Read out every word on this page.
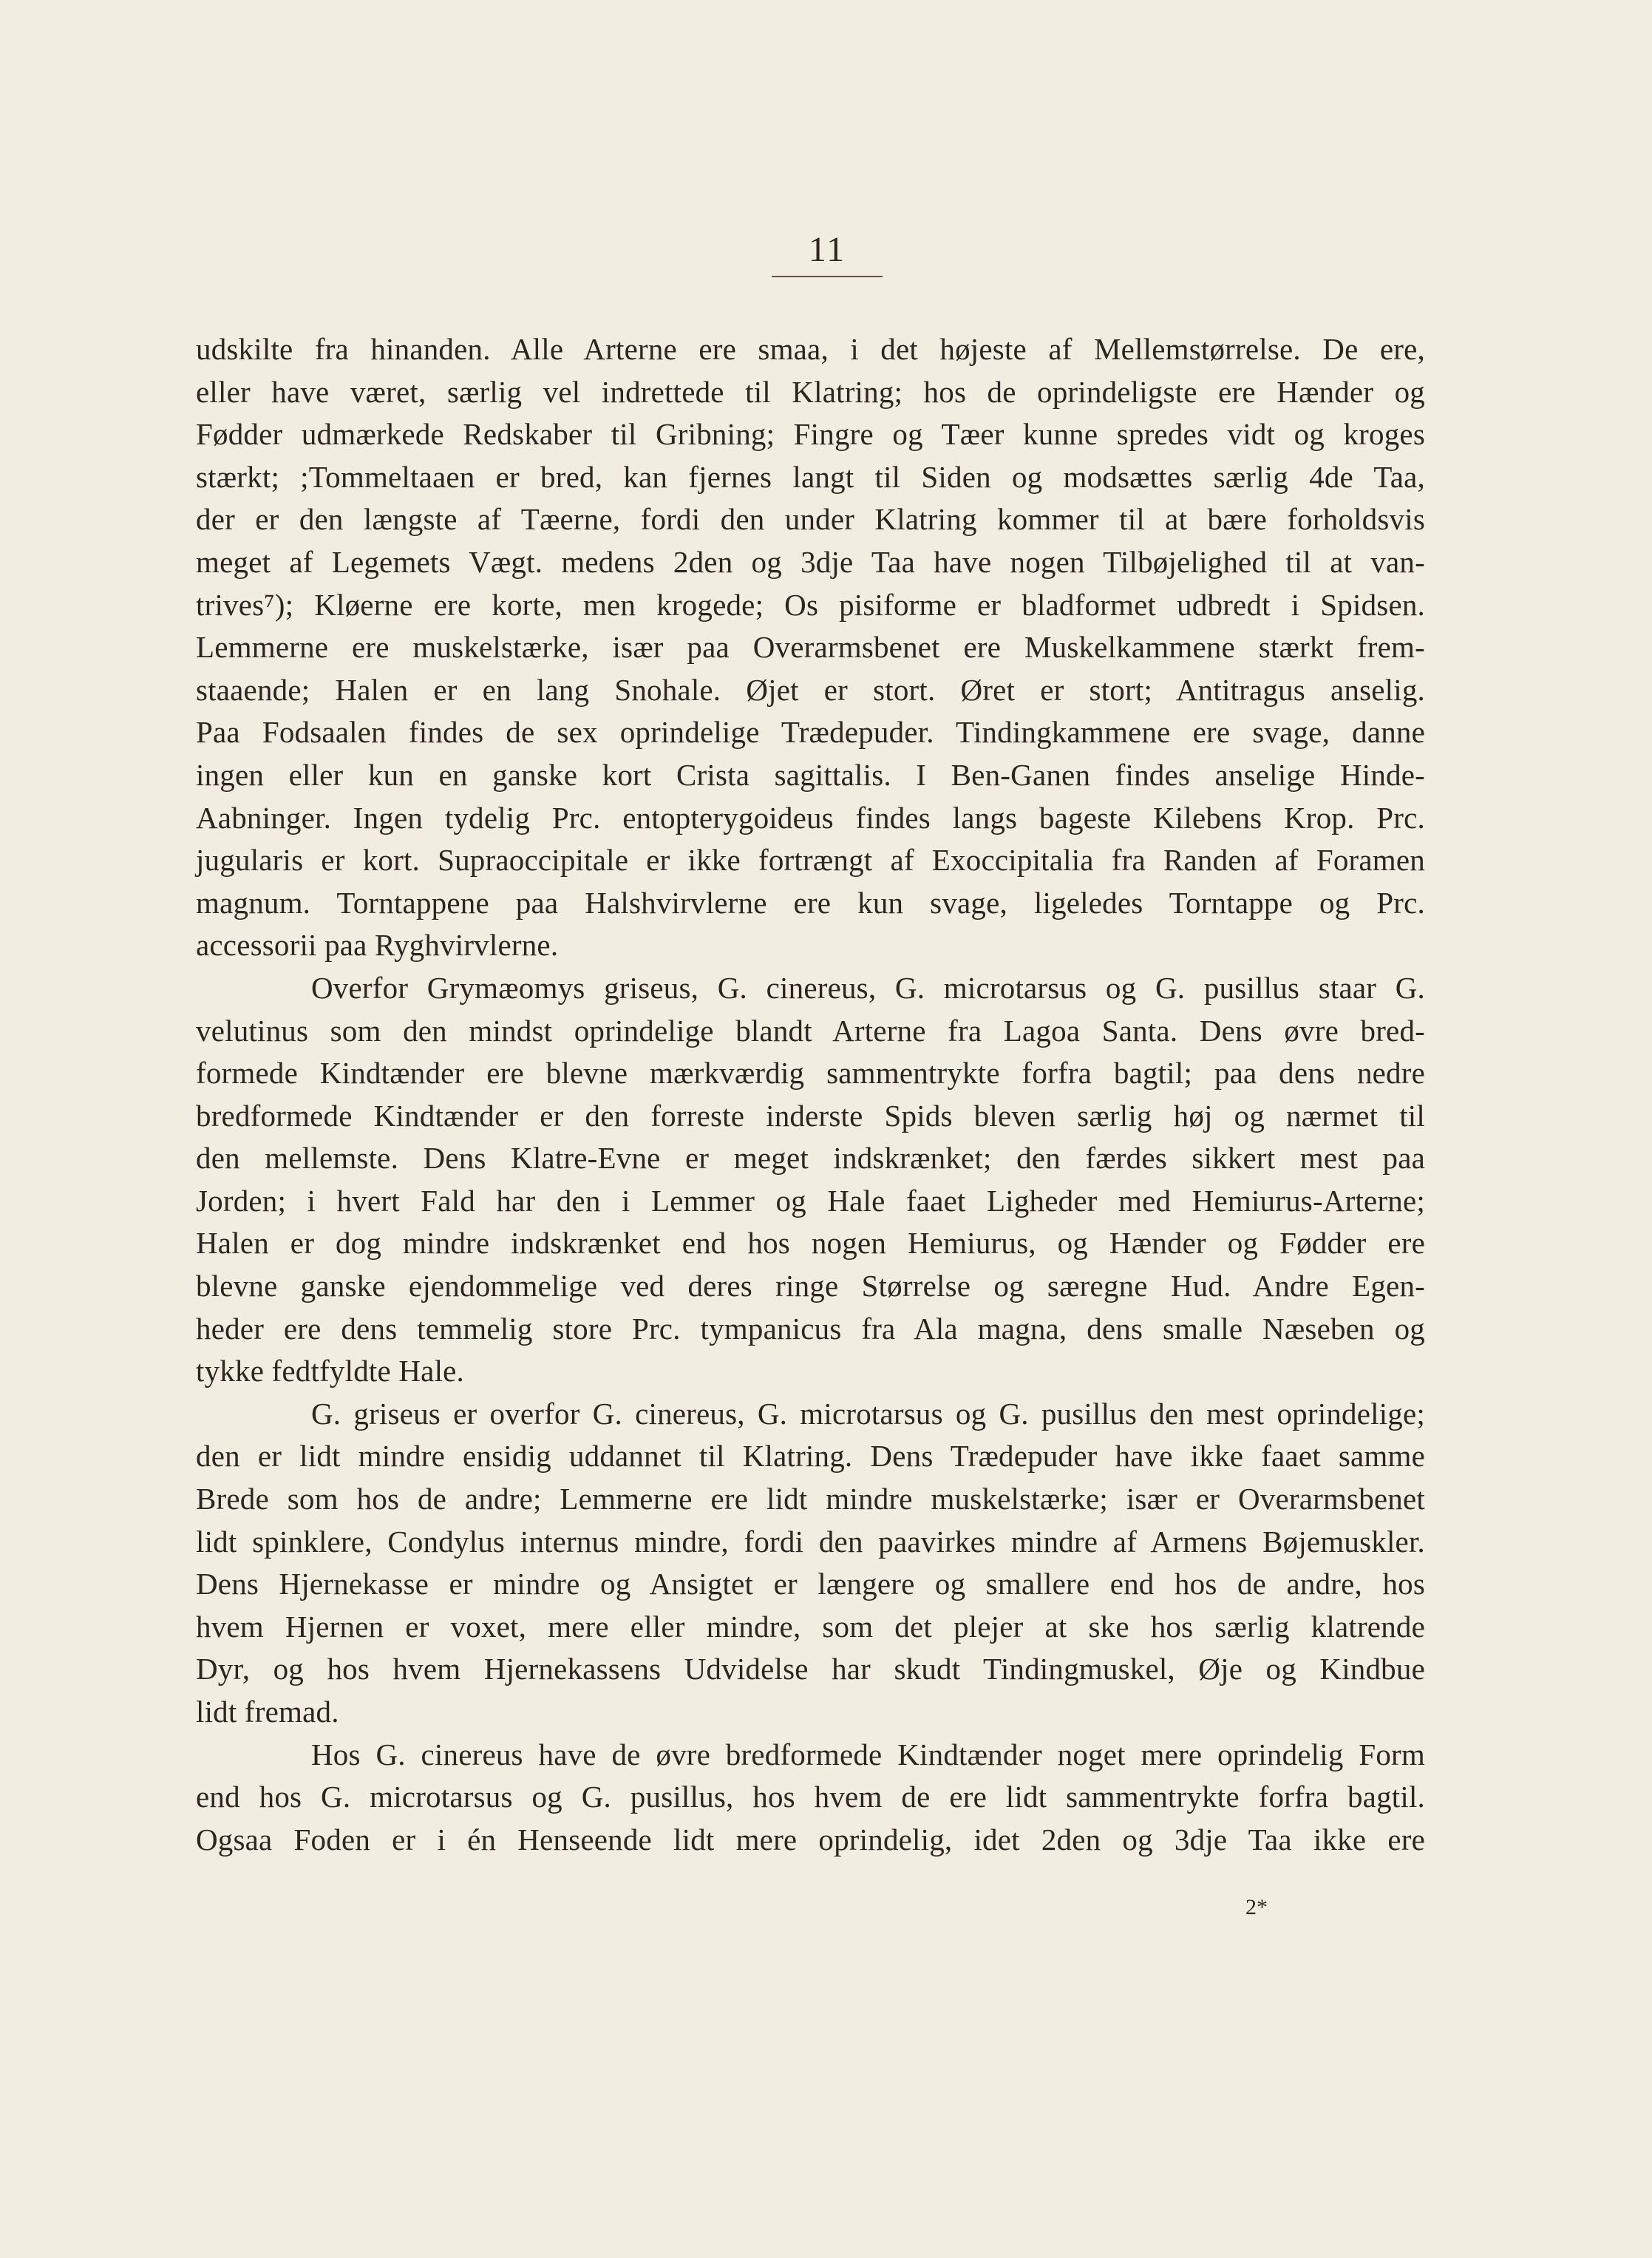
11

udskilte fra hinanden. Alle Arterne ere smaa, i det højeste af Mellemstørrelse. De ere,
eller have været, særlig vel indrettede til Klatring; hos de oprindeligste ere Hænder og
Fødder udmærkede Redskaber til Gribning; Fingre og Tæer kunne spredes vidt og kroges
stærkt; ;Tommeltaaen er bred, kan fjernes langt til Siden og modsættes særlig 4de Taa,
der er den længste af Tæerne, fordi den under Klatring kommer til at bære forholdsvis
meget af Legemets Vægt. medens 2den og 3dje Taa have nogen Tilbøjelighed til at van-
trives⁷); Kløerne ere korte, men krogede; Os pisiforme er bladformet udbredt i Spidsen.
Lemmerne ere muskelstærke, især paa Overarmsbenet ere Muskelkammene stærkt frem-
staaende; Halen er en lang Snohale. Øjet er stort. Øret er stort; Antitragus anselig.
Paa Fodsaalen findes de sex oprindelige Trædepuder. Tindingkammene ere svage, danne
ingen eller kun en ganske kort Crista sagittalis. I Ben-Ganen findes anselige Hinde-
Aabninger. Ingen tydelig Prc. entopterygoideus findes langs bageste Kilebens Krop. Prc.
jugularis er kort. Supraoccipitale er ikke fortrængt af Exoccipitalia fra Randen af Foramen
magnum. Torntappene paa Halshvirvlerne ere kun svage, ligeledes Torntappe og Prc.
accessorii paa Ryghvirvlerne.

Overfor Grymæomys griseus, G. cinereus, G. microtarsus og G. pusillus staar G.

velutinus som den mindst oprindelige blandt Arterne fra Lagoa Santa. Dens øvre bred-
formede Kindtænder ere blevne mærkværdig sammentrykte forfra bagtil; paa dens nedre
bredformede Kindtænder er den forreste inderste Spids bleven særlig høj og nærmet til
den mellemste. Dens Klatre-Evne er meget indskrænket; den færdes sikkert mest paa
Jorden; i hvert Fald har den i Lemmer og Hale faaet Ligheder med Hemiurus-Arterne;
Halen er dog mindre indskrænket end hos nogen Hemiurus, og Hænder og Fødder ere
blevne ganske ejendommelige ved deres ringe Størrelse og særegne Hud. Andre Egen-
heder ere dens temmelig store Prc. tympanicus fra Ala magna, dens smalle Næseben og
tykke fedtfyldte Hale.

G. griseus er overfor G. cinereus, G. microtarsus og G. pusillus den mest oprindelige;
den er lidt mindre ensidig uddannet til Klatring. Dens Trædepuder have ikke faaet samme
Brede som hos de andre; Lemmerne ere lidt mindre muskelstærke; især er Overarmsbenet
lidt spinklere, Condylus internus mindre, fordi den paavirkes mindre af Armens Bøjemuskler.
Dens Hjernekasse er mindre og Ansigtet er længere og smallere end hos de andre, hos
hvem Hjernen er voxet, mere eller mindre, som det plejer at ske hos særlig klatrende
Dyr, og hos hvem Hjernekassens Udvidelse har skudt Tindingmuskel, Øje og Kindbue
lidt fremad.

Hos G. cinereus have de øvre bredformede Kindtænder noget mere oprindelig Form
end hos G. microtarsus og G. pusillus, hos hvem de ere lidt sammentrykte forfra bagtil.
Ogsaa Foden er i én Henseende lidt mere oprindelig, idet 2den og 3dje Taa ikke ere

2*
